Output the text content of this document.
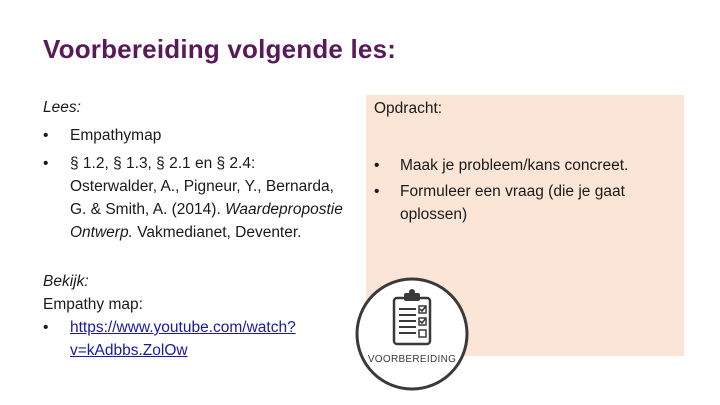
Voorbereiding volgende les:
Lees:
•	Empathymap
•	§ 1.2, § 1.3, § 2.1 en § 2.4: Osterwalder, A., Pigneur, Y., Bernarda, G. & Smith, A. (2014). Waardepropostie Ontwerp. Vakmedianet, Deventer.
Bekijk:
Empathy map:
•	https://www.youtube.com/watch?v=kAdbbs.ZolOw
Opdracht:
•	Maak je probleem/kans concreet.
•	Formuleer een vraag (die je gaat oplossen)
VOORBEREIDING
